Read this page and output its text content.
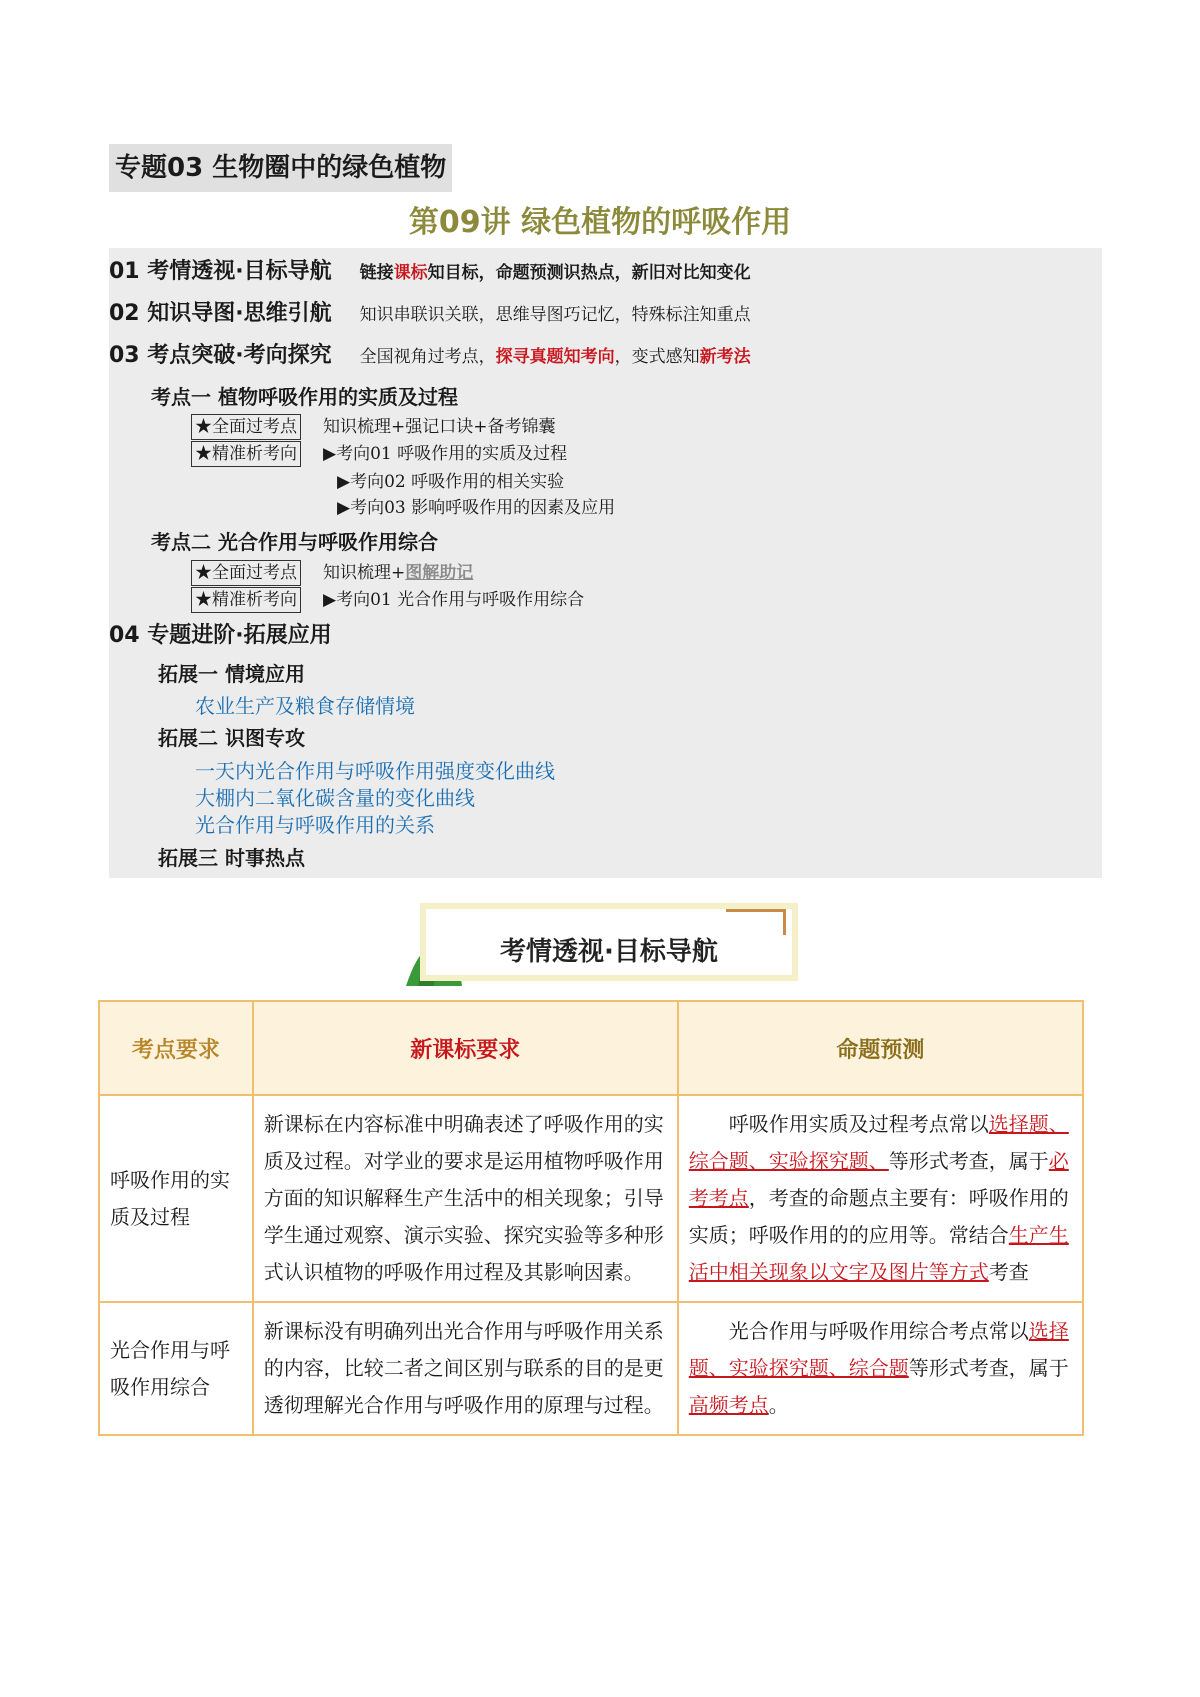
专题03 生物圈中的绿色植物
第09讲 绿色植物的呼吸作用
01 考情透视·目标导航 链接课标知目标，命题预测识热点，新旧对比知变化
02 知识导图·思维引航 知识串联识关联，思维导图巧记忆，特殊标注知重点
03 考点突破·考向探究 全国视角过考点，探寻真题知考向，变式感知新考法
考点一 植物呼吸作用的实质及过程
★全面过考点 知识梳理+强记口诀+备考锦囊
★精准析考向 ▶考向01 呼吸作用的实质及过程
▶考向02 呼吸作用的相关实验
▶考向03 影响呼吸作用的因素及应用
考点二 光合作用与呼吸作用综合
★全面过考点 知识梳理+图解助记
★精准析考向 ▶考向01 光合作用与呼吸作用综合
04 专题进阶·拓展应用
拓展一 情境应用
农业生产及粮食存储情境
拓展二 识图专攻
一天内光合作用与呼吸作用强度变化曲线
大棚内二氧化碳含量的变化曲线
光合作用与呼吸作用的关系
拓展三 时事热点
考情透视·目标导航
考点要求	新课标要求	命题预测
呼吸作用的实质及过程	新课标在内容标准中明确表述了呼吸作用的实质及过程。对学业的要求是运用植物呼吸作用方面的知识解释生产生活中的相关现象；引导学生通过观察、演示实验、探究实验等多种形式认识植物的呼吸作用过程及其影响因素。	呼吸作用实质及过程考点常以选择题、综合题、实验探究题、等形式考查，属于必考考点，考查的命题点主要有：呼吸作用的实质；呼吸作用的的应用等。常结合生产生活中相关现象以文字及图片等方式考查
光合作用与呼吸作用综合	新课标没有明确列出光合作用与呼吸作用关系的内容，比较二者之间区别与联系的目的是更透彻理解光合作用与呼吸作用的原理与过程。	光合作用与呼吸作用综合考点常以选择题、实验探究题、综合题等形式考查，属于高频考点。
